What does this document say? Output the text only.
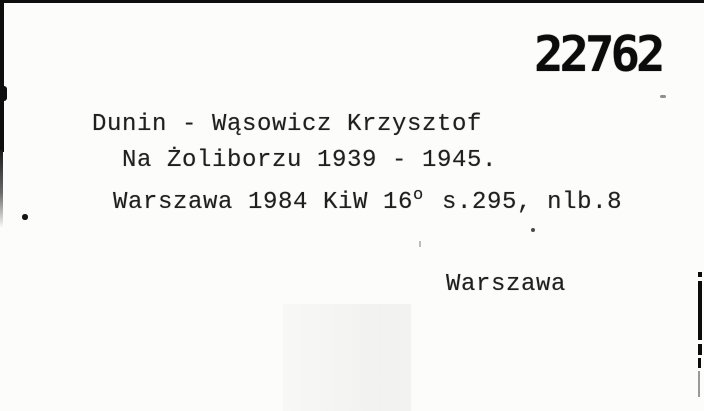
22762
Dunin - Wąsowicz Krzysztof
Na Żoliborzu 1939 - 1945.
Warszawa 1984 KiW 16o s.295, nlb.8
Warszawa
